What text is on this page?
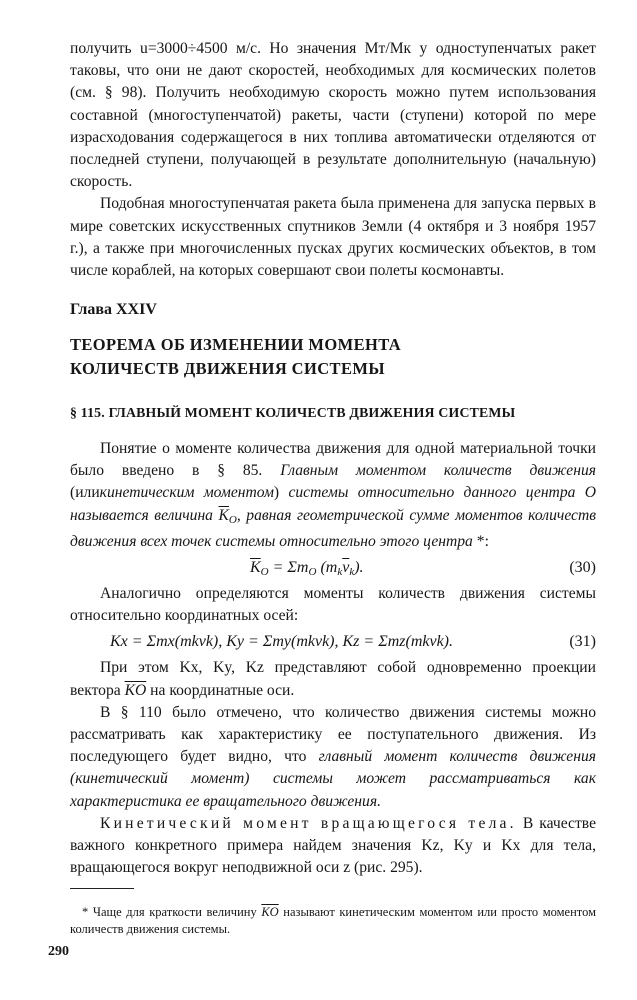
получить u=3000÷4500 м/с. Но значения Mт/Mк у одноступенчатых ракет таковы, что они не дают скоростей, необходимых для космических полетов (см. § 98). Получить необходимую скорость можно путем использования составной (многоступенчатой) ракеты, части (ступени) которой по мере израсходования содержащегося в них топлива автоматически отделяются от последней ступени, получающей в результате дополнительную (начальную) скорость.

Подобная многоступенчатая ракета была применена для запуска первых в мире советских искусственных спутников Земли (4 октября и 3 ноября 1957 г.), а также при многочисленных пусках других космических объектов, в том числе кораблей, на которых совершают свои полеты космонавты.

Глава XXIV
ТЕОРЕМА ОБ ИЗМЕНЕНИИ МОМЕНТА
КОЛИЧЕСТВ ДВИЖЕНИЯ СИСТЕМЫ
§ 115. ГЛАВНЫЙ МОМЕНТ КОЛИЧЕСТВ ДВИЖЕНИЯ СИСТЕМЫ

Понятие о моменте количества движения для одной материальной точки было введено в § 85. Главным моментом количеств движения (иликинетическим моментом) системы относительно данного центра O называется величина $\overline{K}_O$, равная геометрической сумме моментов количеств движения всех точек системы относительно этого центра *:

$\overline{K}_O = \Sigma m_O$ $(m_k\overline{v}_k)$.	(30)

Аналогично определяются моменты количеств движения системы относительно координатных осей:

Kx = Σmx(mkvk), Ky = Σmy(mkvk), Kz = Σmz(mkvk).	(31)

При этом Kx, Ky, Kz представляют собой одновременно проекции вектора $\overline{KO}$ на координатные оси.

В § 110 было отмечено, что количество движения системы можно рассматривать как характеристику ее поступательного движения. Из последующего будет видно, что главный момент количеств движения (кинетический момент) системы может рассматриваться как характеристика ее вращательного движения.

Кинетический момент вращающегося тела. В качестве важного конкретного примера найдем значения Kz, Ky и Kx для тела, вращающегося вокруг неподвижной оси z (рис. 295).

* Чаще для краткости величину $\overline{KO}$ называют кинетическим моментом или просто моментом количеств движения системы.

290
